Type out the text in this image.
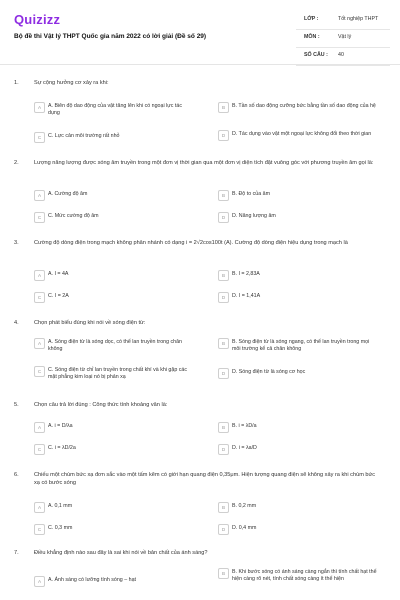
Quizizz
Bộ đề thi Vật lý THPT Quốc gia năm 2022 có lời giải (Đề số 29)
LỚP :	Tốt nghiệp THPT
MÔN :	Vật lý
SỐ CÂU : 40
1.	Sự cộng hưởng cơ xảy ra khi:
A	A. Biên độ dao động của vật tăng lên khi có ngoại lực tác dụng
B	B. Tần số dao động cưỡng bức bằng tần số dao động của hệ
C	C. Lực cản môi trường rất nhỏ	D	D. Tác dụng vào vật một ngoại lực không đổi theo thời gian
2.	Lượng năng lượng được sóng âm truyền trong một đơn vị thời gian qua một đơn vị diện tích đặt vuông góc với phương truyền âm gọi là:
A	A. Cường độ âm	B	B. Độ to của âm
C	C. Mức cường độ âm	D	D. Năng lượng âm
3.	Cường độ dòng điện trong mạch không phân nhánh có dạng i = 2√2cos100t (A). Cường độ dòng điện hiệu dụng trong mạch là
A	A. I = 4A	B	B. I = 2,83A
C	C. I = 2A	D	D. I = 1,41A
4.	Chọn phát biểu đúng khi nói về sóng điện từ:
A	A. Sóng điện từ là sóng dọc, có thể lan truyền trong chân không
B	B. Sóng điện từ là sóng ngang, có thể lan truyền trong mọi môi trường kể cả chân không
C	C. Sóng điện từ chỉ lan truyền trong chất khí và khi gặp các mặt phẳng kim loại nó bị phản xạ
D	D. Sóng điện từ là sóng cơ học
5.	Chọn câu trả lời đúng : Công thức tính khoảng vân là:
A	A. i = D/λa	B	B. i = λD/a
C	C. i = λD/2a	D	D. i = λa/D
6.	Chiếu một chùm bức xạ đơn sắc vào một tấm kẽm có giới hạn quang điện 0,35μm. Hiện tượng quang điện sẽ không xảy ra khi chùm bức xạ có bước sóng
A	A. 0,1 mm	B	B. 0,2 mm
C	C. 0,3 mm	D	D. 0,4 mm
7.	Điều khẳng định nào sau đây là sai khi nói về bản chất của ánh sáng?
A	A. Ánh sáng có lưỡng tính sóng – hạt
B	B. Khi bước sóng có ánh sáng càng ngắn thì tính chất hạt thể hiện càng rõ nét, tính chất sóng càng ít thể hiện
